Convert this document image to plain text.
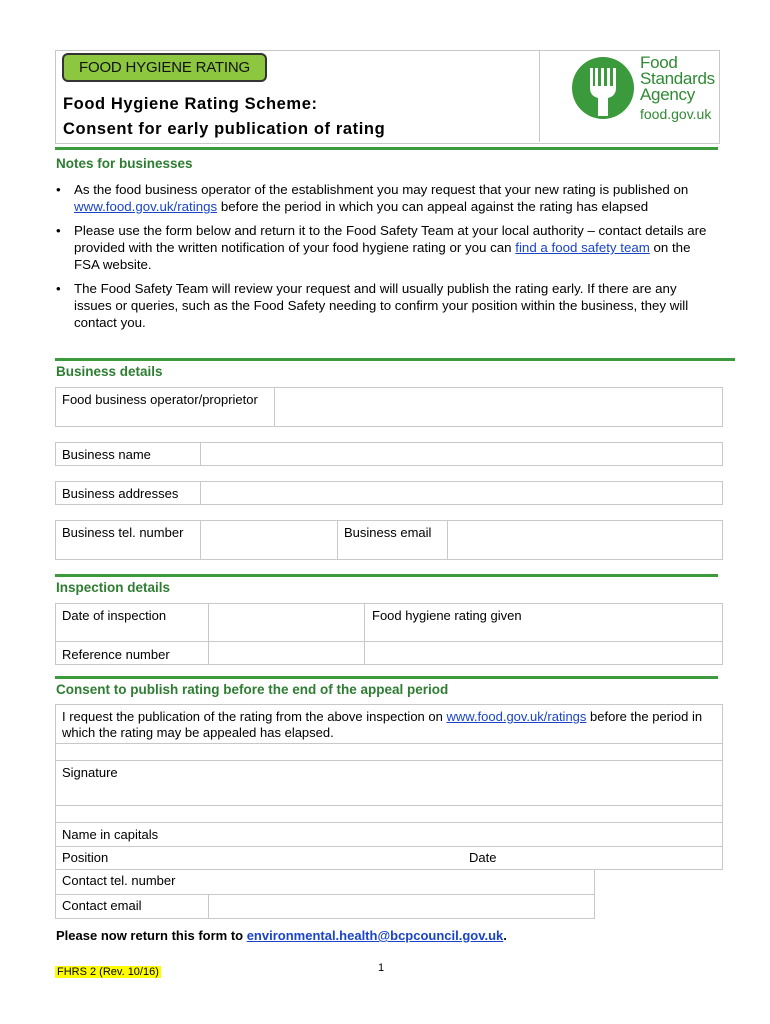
FOOD HYGIENE RATING
Food Hygiene Rating Scheme:
Consent for early publication of rating
Food
Standards
Agency
food.gov.uk
Notes for businesses
• As the food business operator of the establishment you may request that your new rating is published on www.food.gov.uk/ratings before the period in which you can appeal against the rating has elapsed
• Please use the form below and return it to the Food Safety Team at your local authority – contact details are provided with the written notification of your food hygiene rating or you can find a food safety team on the FSA website.
• The Food Safety Team will review your request and will usually publish the rating early. If there are any issues or queries, such as the Food Safety needing to confirm your position within the business, they will contact you.
Business details
Food business operator/proprietor
Business name
Business addresses
Business tel. number	Business email
Inspection details
Date of inspection	Food hygiene rating given
Reference number
Consent to publish rating before the end of the appeal period
I request the publication of the rating from the above inspection on www.food.gov.uk/ratings before the period in which the rating may be appealed has elapsed.
Signature
Name in capitals
Position	Date
Contact tel. number
Contact email
Please now return this form to environmental.health@bcpcouncil.gov.uk.
FHRS 2 (Rev. 10/16)	1
